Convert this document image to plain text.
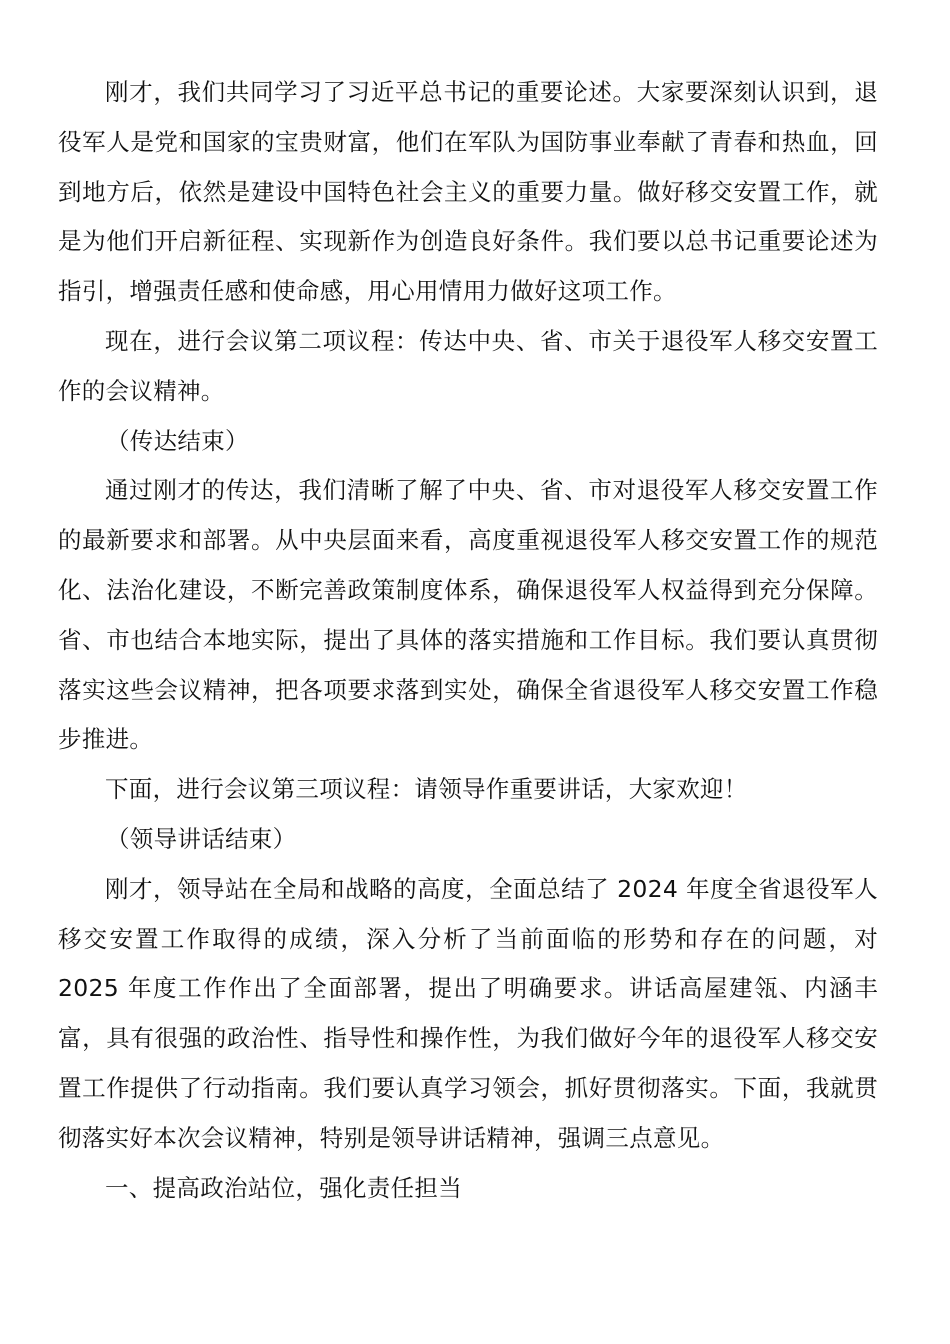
刚才，我们共同学习了习近平总书记的重要论述。大家要深刻认识到，退役军人是党和国家的宝贵财富，他们在军队为国防事业奉献了青春和热血，回到地方后，依然是建设中国特色社会主义的重要力量。做好移交安置工作，就是为他们开启新征程、实现新作为创造良好条件。我们要以总书记重要论述为指引，增强责任感和使命感，用心用情用力做好这项工作。

现在，进行会议第二项议程：传达中央、省、市关于退役军人移交安置工作的会议精神。

（传达结束）

通过刚才的传达，我们清晰了解了中央、省、市对退役军人移交安置工作的最新要求和部署。从中央层面来看，高度重视退役军人移交安置工作的规范化、法治化建设，不断完善政策制度体系，确保退役军人权益得到充分保障。省、市也结合本地实际，提出了具体的落实措施和工作目标。我们要认真贯彻落实这些会议精神，把各项要求落到实处，确保全省退役军人移交安置工作稳步推进。

下面，进行会议第三项议程：请领导作重要讲话，大家欢迎！

（领导讲话结束）

刚才，领导站在全局和战略的高度，全面总结了 2024 年度全省退役军人移交安置工作取得的成绩，深入分析了当前面临的形势和存在的问题，对 2025 年度工作作出了全面部署，提出了明确要求。讲话高屋建瓴、内涵丰富，具有很强的政治性、指导性和操作性，为我们做好今年的退役军人移交安置工作提供了行动指南。我们要认真学习领会，抓好贯彻落实。下面，我就贯彻落实好本次会议精神，特别是领导讲话精神，强调三点意见。

一、提高政治站位，强化责任担当
